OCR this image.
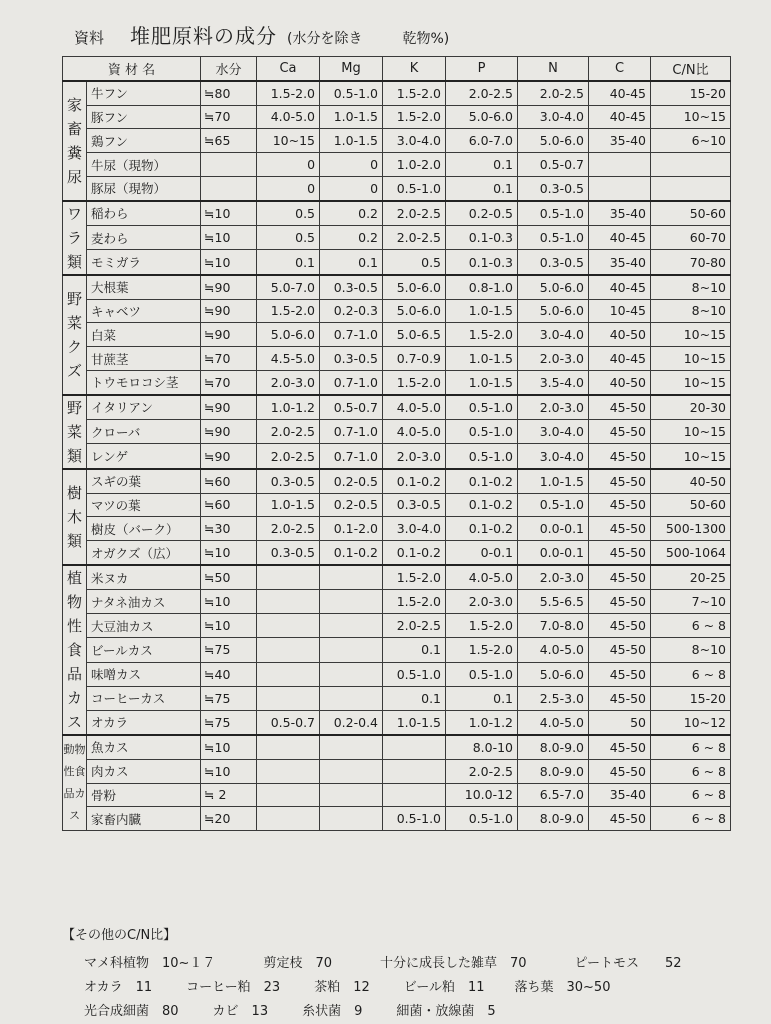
資料 堆肥原料の成分 (水分を除き	乾物%)
資 材 名		水分	Ca	Mg	K	P	N	C	C/N比
家畜糞尿	牛フン	≒80	1.5-2.0	0.5-1.0	1.5-2.0	2.0-2.5	2.0-2.5	40-45	15-20
	豚フン	≒70	4.0-5.0	1.0-1.5	1.5-2.0	5.0-6.0	3.0-4.0	40-45	10~15
	鶏フン	≒65	10~15	1.0-1.5	3.0-4.0	6.0-7.0	5.0-6.0	35-40	6~10
	牛尿（現物）		0	0	1.0-2.0	0.1	0.5-0.7		
	豚尿（現物）		0	0	0.5-1.0	0.1	0.3-0.5		
ワラ類	稲わら	≒10	0.5	0.2	2.0-2.5	0.2-0.5	0.5-1.0	35-40	50-60
	麦わら	≒10	0.5	0.2	2.0-2.5	0.1-0.3	0.5-1.0	40-45	60-70
	モミガラ	≒10	0.1	0.1	0.5	0.1-0.3	0.3-0.5	35-40	70-80
野菜クズ	大根葉	≒90	5.0-7.0	0.3-0.5	5.0-6.0	0.8-1.0	5.0-6.0	40-45	8~10
	キャベツ	≒90	1.5-2.0	0.2-0.3	5.0-6.0	1.0-1.5	5.0-6.0	10-45	8~10
	白菜	≒90	5.0-6.0	0.7-1.0	5.0-6.5	1.5-2.0	3.0-4.0	40-50	10~15
	甘蔗茎	≒70	4.5-5.0	0.3-0.5	0.7-0.9	1.0-1.5	2.0-3.0	40-45	10~15
	トウモロコシ茎	≒70	2.0-3.0	0.7-1.0	1.5-2.0	1.0-1.5	3.5-4.0	40-50	10~15
野菜類	イタリアン	≒90	1.0-1.2	0.5-0.7	4.0-5.0	0.5-1.0	2.0-3.0	45-50	20-30
	クローバ	≒90	2.0-2.5	0.7-1.0	4.0-5.0	0.5-1.0	3.0-4.0	45-50	10~15
	レンゲ	≒90	2.0-2.5	0.7-1.0	2.0-3.0	0.5-1.0	3.0-4.0	45-50	10~15
樹木類	スギの葉	≒60	0.3-0.5	0.2-0.5	0.1-0.2	0.1-0.2	1.0-1.5	45-50	40-50
	マツの葉	≒60	1.0-1.5	0.2-0.5	0.3-0.5	0.1-0.2	0.5-1.0	45-50	50-60
	樹皮（バーク）	≒30	2.0-2.5	0.1-2.0	3.0-4.0	0.1-0.2	0.0-0.1	45-50	500-1300
	オガクズ（広）	≒10	0.3-0.5	0.1-0.2	0.1-0.2	0-0.1	0.0-0.1	45-50	500-1064
植物性食品カス	米ヌカ	≒50			1.5-2.0	4.0-5.0	2.0-3.0	45-50	20-25
	ナタネ油カス	≒10			1.5-2.0	2.0-3.0	5.5-6.5	45-50	7~10
	大豆油カス	≒10			2.0-2.5	1.5-2.0	7.0-8.0	45-50	6 ~ 8
	ビールカス	≒75			0.1	1.5-2.0	4.0-5.0	45-50	8~10
	味噌カス	≒40			0.5-1.0	0.5-1.0	5.0-6.0	45-50	6 ~ 8
	コーヒーカス	≒75			0.1	0.1	2.5-3.0	45-50	15-20
	オカラ	≒75	0.5-0.7	0.2-0.4	1.0-1.5	1.0-1.2	4.0-5.0	50	10~12
動物性食品カス	魚カス	≒10				8.0-10	8.0-9.0	45-50	6 ~ 8
	肉カス	≒10				2.0-2.5	8.0-9.0	45-50	6 ~ 8
	骨粉	≒ 2				10.0-12	6.5-7.0	35-40	6 ~ 8
	家畜内臓	≒20			0.5-1.0	0.5-1.0	8.0-9.0	45-50	6 ~ 8
【その他のC/N比】
マメ科植物　10~１７	剪定枝　70	十分に成長した雑草　70	ピートモス　　52
オカラ　11	コーヒー粕　23	茶粕　12	ビール粕　11 落ち葉　30~50
光合成細菌　80	カビ　13	糸状菌　9	細菌・放線菌　5
